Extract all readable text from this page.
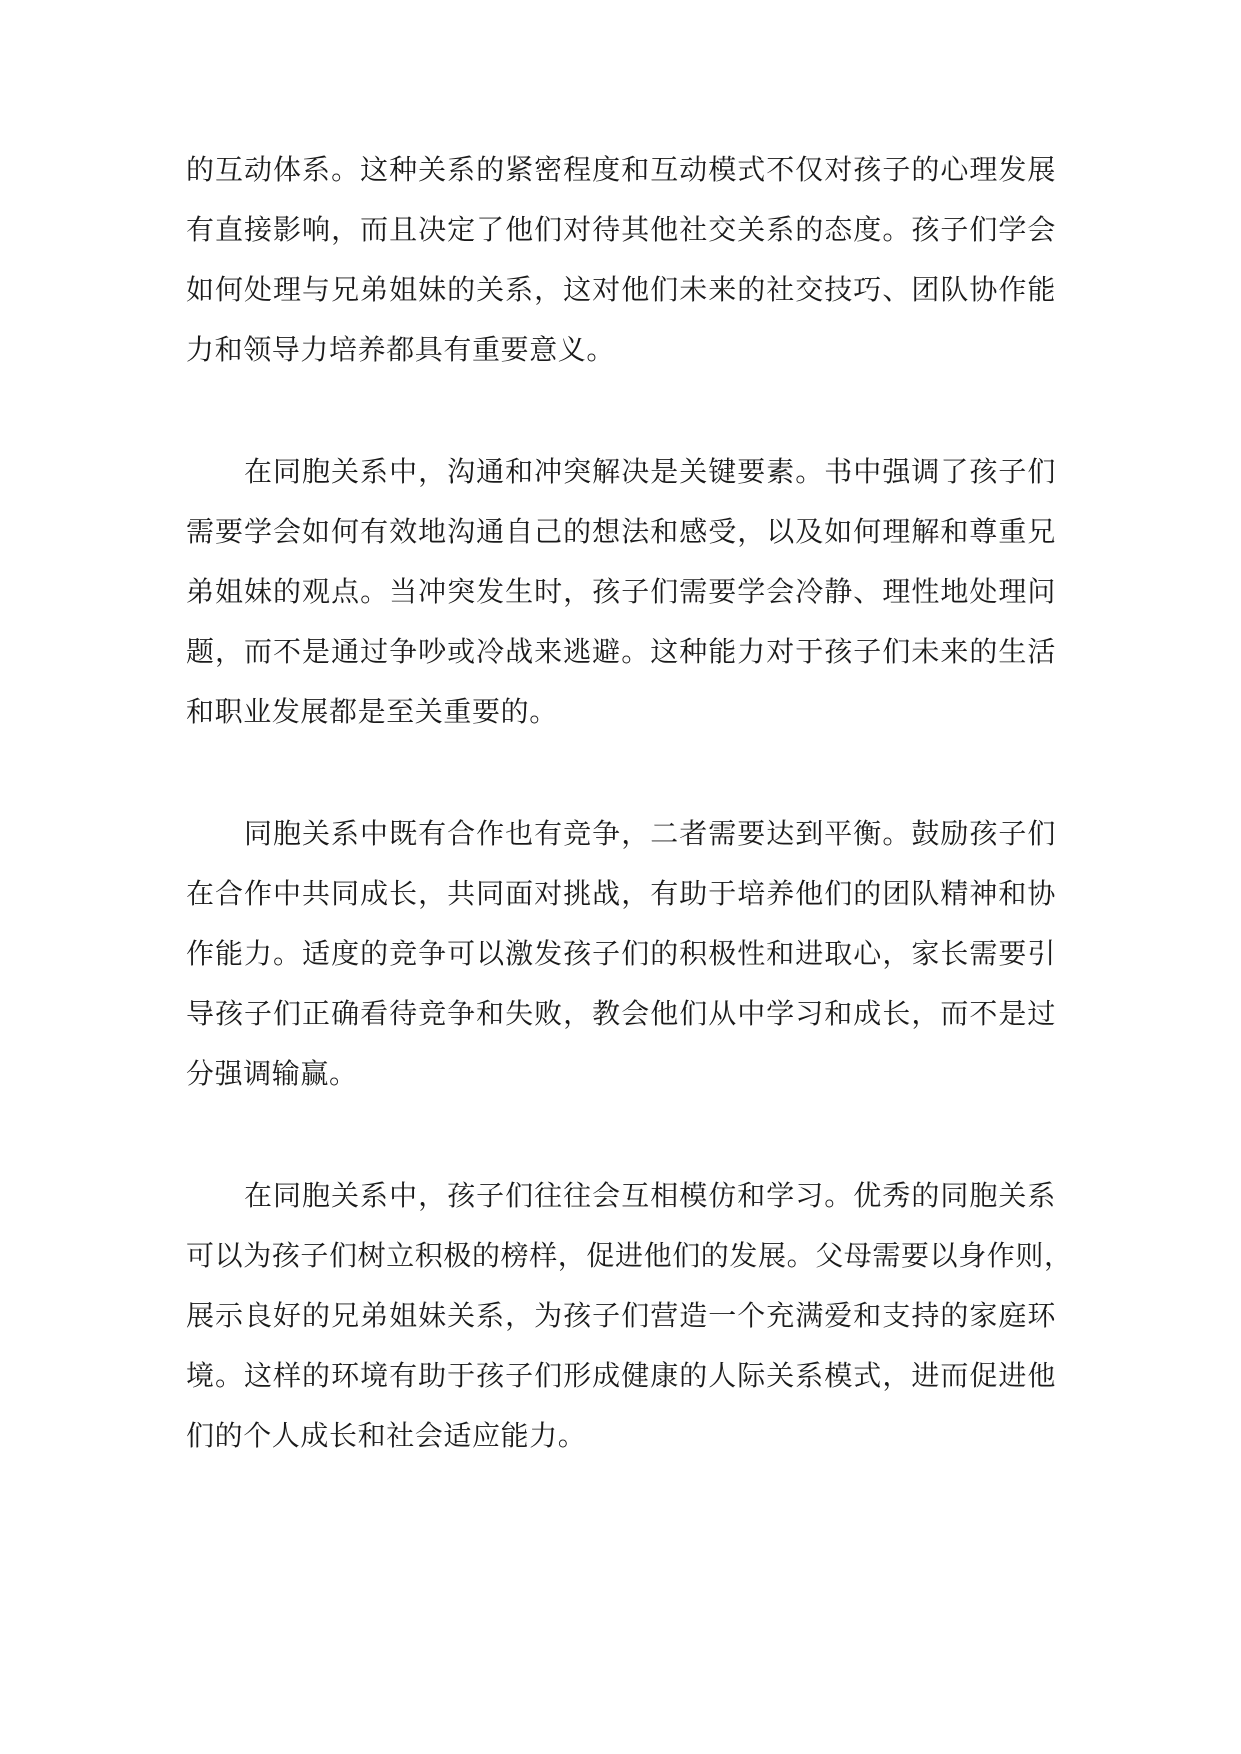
的互动体系。这种关系的紧密程度和互动模式不仅对孩子的心理发展
有直接影响，而且决定了他们对待其他社交关系的态度。孩子们学会
如何处理与兄弟姐妹的关系，这对他们未来的社交技巧、团队协作能
力和领导力培养都具有重要意义。
在同胞关系中，沟通和冲突解决是关键要素。书中强调了孩子们
需要学会如何有效地沟通自己的想法和感受，以及如何理解和尊重兄
弟姐妹的观点。当冲突发生时，孩子们需要学会冷静、理性地处理问
题，而不是通过争吵或冷战来逃避。这种能力对于孩子们未来的生活
和职业发展都是至关重要的。
同胞关系中既有合作也有竞争，二者需要达到平衡。鼓励孩子们
在合作中共同成长，共同面对挑战，有助于培养他们的团队精神和协
作能力。适度的竞争可以激发孩子们的积极性和进取心，家长需要引
导孩子们正确看待竞争和失败，教会他们从中学习和成长，而不是过
分强调输赢。
在同胞关系中，孩子们往往会互相模仿和学习。优秀的同胞关系
可以为孩子们树立积极的榜样，促进他们的发展。父母需要以身作则，
展示良好的兄弟姐妹关系，为孩子们营造一个充满爱和支持的家庭环
境。这样的环境有助于孩子们形成健康的人际关系模式，进而促进他
们的个人成长和社会适应能力。
